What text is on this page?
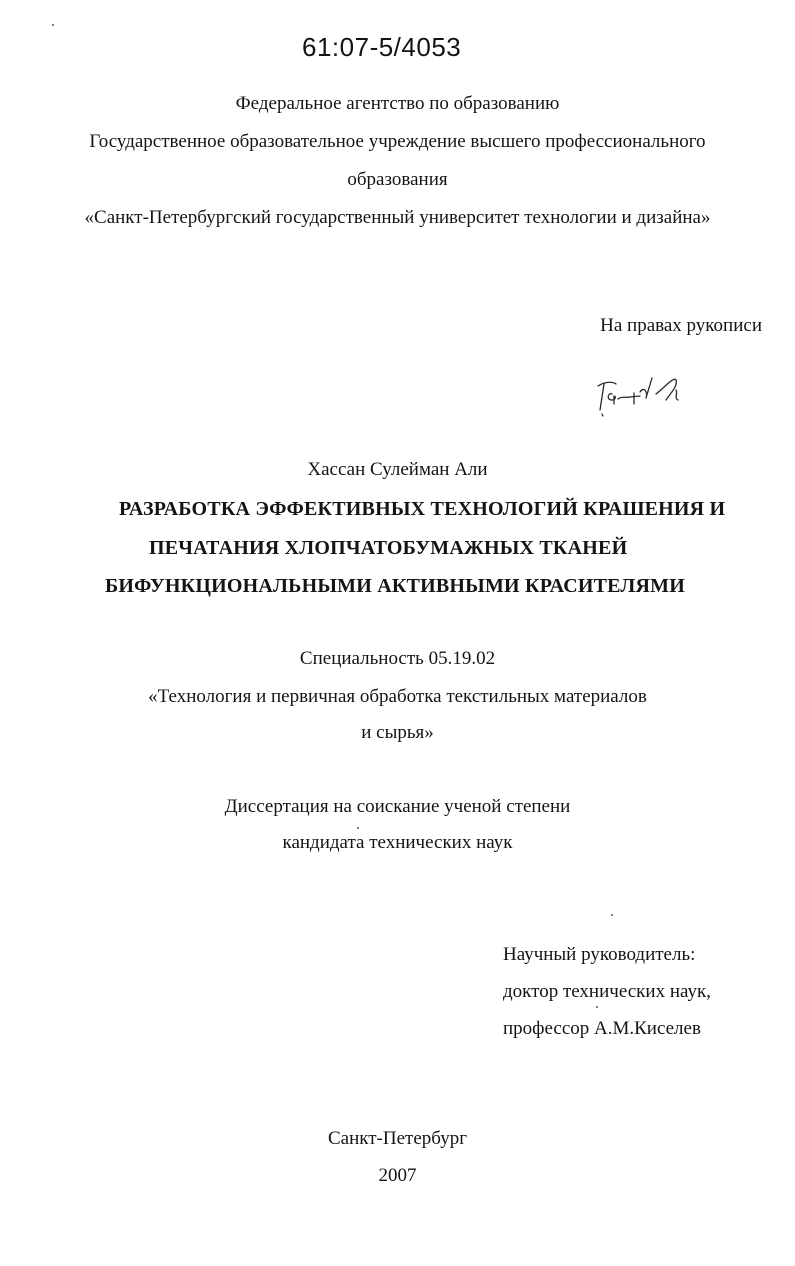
61:07-5/4053
Федеральное агентство по образованию
Государственное образовательное учреждение высшего профессионального
образования
«Санкт-Петербургский государственный университет технологии и дизайна»
На правах рукописи
Хассан Сулейман Али
РАЗРАБОТКА ЭФФЕКТИВНЫХ ТЕХНОЛОГИЙ КРАШЕНИЯ И
ПЕЧАТАНИЯ ХЛОПЧАТОБУМАЖНЫХ ТКАНЕЙ
БИФУНКЦИОНАЛЬНЫМИ АКТИВНЫМИ КРАСИТЕЛЯМИ
Специальность 05.19.02
«Технология и первичная обработка текстильных материалов
и сырья»
Диссертация на соискание ученой степени
кандидата технических наук
Научный руководитель:
доктор технических наук,
профессор А.М.Киселев
Санкт-Петербург
2007
